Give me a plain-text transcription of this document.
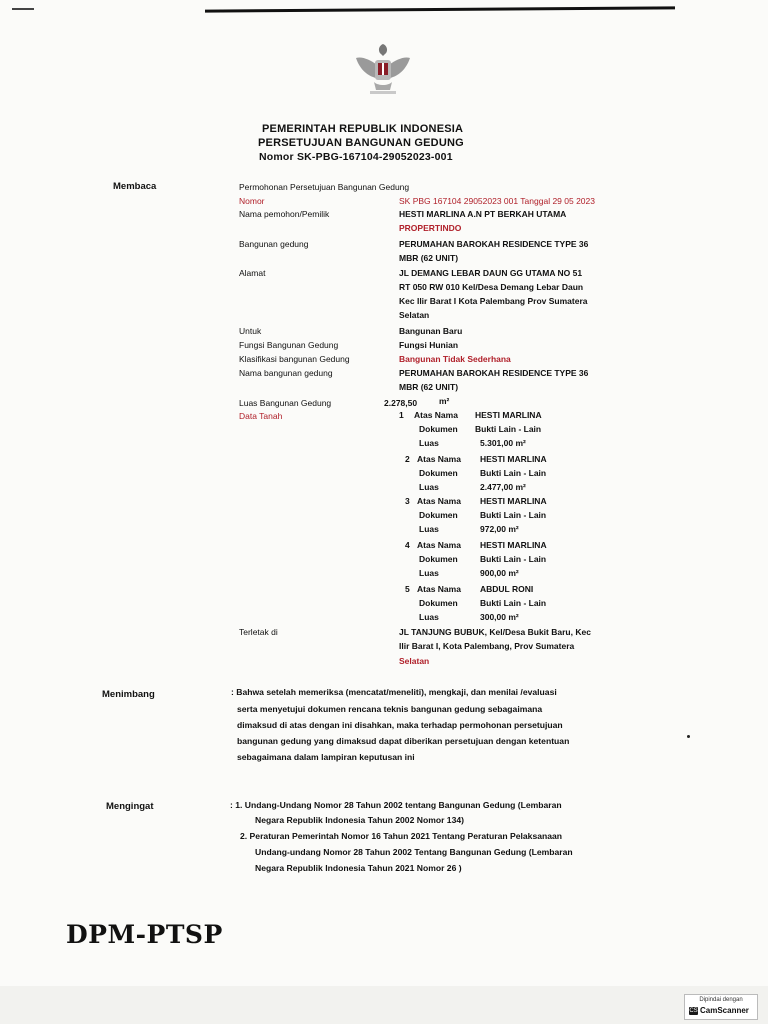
PEMERINTAH REPUBLIK INDONESIA
PERSETUJUAN BANGUNAN GEDUNG
Nomor SK-PBG-167104-29052023-001
Membaca	Permohonan Persetujuan Bangunan Gedung
Nomor	SK PBG 167104 29052023 001 Tanggal 29 05 2023
Nama pemohon/Pemilik	HESTI MARLINA A.N PT BERKAH UTAMA
PROPERTINDO
Bangunan gedung	PERUMAHAN BAROKAH RESIDENCE TYPE 36
MBR (62 UNIT)
Alamat	JL DEMANG LEBAR DAUN GG UTAMA NO 51
RT 050 RW 010 Kel/Desa Demang Lebar Daun
Kec Ilir Barat I Kota Palembang Prov Sumatera
Selatan
Untuk	Bangunan Baru
Fungsi Bangunan Gedung	Fungsi Hunian
Klasifikasi bangunan Gedung	Bangunan Tidak Sederhana
Nama bangunan gedung	PERUMAHAN BAROKAH RESIDENCE TYPE 36
MBR (62 UNIT)
Luas Bangunan Gedung	2.278,50	m²
Data Tanah	1 Atas Nama HESTI MARLINA
Dokumen Bukti Lain - Lain
Luas	5.301,00 m²
2 Atas Nama HESTI MARLINA
Dokumen	Bukti Lain - Lain
Luas	2.477,00 m²
3 Atas Nama HESTI MARLINA
Dokumen	Bukti Lain - Lain
Luas	972,00 m²
4 Atas Nama HESTI MARLINA
Dokumen	Bukti Lain - Lain
Luas	900,00 m²
5 Atas Nama ABDUL RONI
Dokumen	Bukti Lain - Lain
Luas	300,00 m²
Terletak di	JL TANJUNG BUBUK, Kel/Desa Bukit Baru, Kec
Ilir Barat I, Kota Palembang, Prov Sumatera
Selatan
Menimbang	: Bahwa setelah memeriksa (mencatat/meneliti), mengkaji, dan menilai /evaluasi
serta menyetujui dokumen rencana teknis bangunan gedung sebagaimana
dimaksud di atas dengan ini disahkan, maka terhadap permohonan persetujuan
bangunan gedung yang dimaksud dapat diberikan persetujuan dengan ketentuan
sebagaimana dalam lampiran keputusan ini
Mengingat	: 1. Undang-Undang Nomor 28 Tahun 2002 tentang Bangunan Gedung (Lembaran
Negara Republik Indonesia Tahun 2002 Nomor 134)
2. Peraturan Pemerintah Nomor 16 Tahun 2021 Tentang Peraturan Pelaksanaan
Undang-undang Nomor 28 Tahun 2002 Tentang Bangunan Gedung (Lembaran
Negara Republik Indonesia Tahun 2021 Nomor 26 )
DPM-PTSP
Dipindai dengan
CS CamScanner
